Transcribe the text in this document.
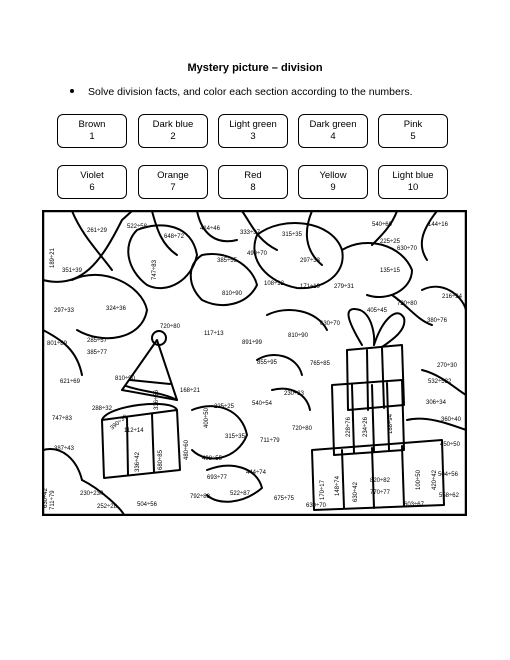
Mystery picture – division
Solve division facts, and color each section according to the numbers.
Brown
1
Dark blue
2
Light green
3
Dark green
4
Pink
5
Violet
6
Orange
7
Red
8
Yellow
9
Light blue
10
261÷29
522÷58
648÷72
414÷46
333÷37	315÷35
540÷60	144÷16
351÷39
385÷55
490÷70
297÷33
225÷25
630÷70
135÷15
108÷12	171÷19 279÷31
810÷90	216÷24
297÷33	324÷36
720÷80
405÷45
720÷80
380÷76
117÷13
630÷70
810÷90
801÷89	285÷57	891÷99
385÷77
855÷95	765÷85	270÷30
621÷69	810÷90
168÷21	230÷23
532÷532
288÷32
540÷54	306÷34
747÷83
225÷25
720÷80
360÷40
315÷35
711÷79
387÷43
450÷50
498÷55
504÷56
693÷77
444÷74
792÷88	522÷87	558÷62
230÷230
252÷28	504÷56
675÷75
630÷70
770÷77
820÷82
603÷67
112÷14
390÷39
336÷56
336÷42	680÷85
480÷60
400÷50
189÷21
711÷79
630÷42
747÷83
170÷17 148÷74
228÷76 234÷26	188÷94
100÷50 420÷42
630÷42
